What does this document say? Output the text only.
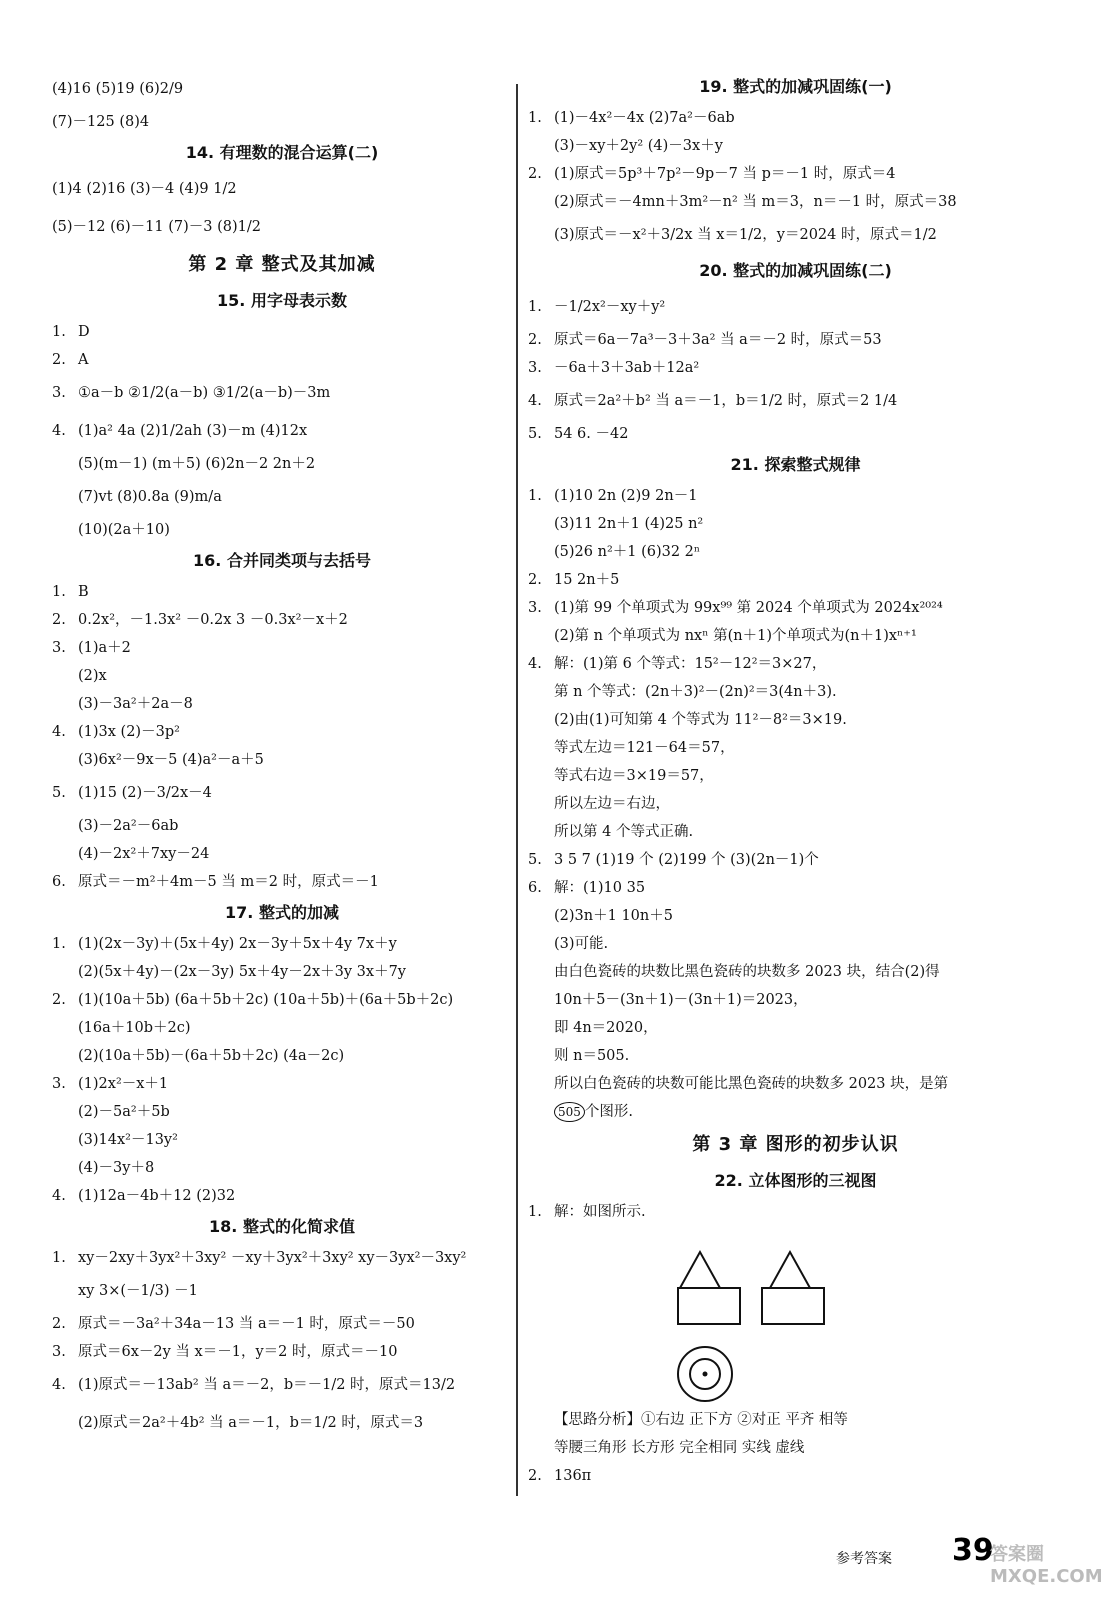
(4)16 (5)19 (6)2/9
(7)－125 (8)4
14. 有理数的混合运算(二)
(1)4 (2)16 (3)－4 (4)9 1/2
(5)－12 (6)－11 (7)－3 (8)1/2
第 2 章 整式及其加减
15. 用字母表示数
1. D
2. A
3. ①a－b ②1/2(a－b) ③1/2(a－b)－3m
4. (1)a² 4a (2)1/2ah (3)－m (4)12x
(5)(m－1) (m＋5) (6)2n－2 2n＋2
(7)vt (8)0.8a (9)m/a
(10)(2a＋10)
16. 合并同类项与去括号
1. B
2. 0.2x²，－1.3x² －0.2x 3 －0.3x²－x＋2
3. (1)a＋2
(2)x
(3)－3a²＋2a－8
4. (1)3x (2)－3p²
(3)6x²－9x－5 (4)a²－a＋5
5. (1)15 (2)－3/2x－4
(3)－2a²－6ab
(4)－2x²＋7xy－24
6. 原式＝－m²＋4m－5 当 m＝2 时，原式＝－1
17. 整式的加减
1. (1)(2x－3y)＋(5x＋4y) 2x－3y＋5x＋4y 7x＋y
(2)(5x＋4y)－(2x－3y) 5x＋4y－2x＋3y 3x＋7y
2. (1)(10a＋5b) (6a＋5b＋2c) (10a＋5b)＋(6a＋5b＋2c)
(16a＋10b＋2c)
(2)(10a＋5b)－(6a＋5b＋2c) (4a－2c)
3. (1)2x²－x＋1
(2)－5a²＋5b
(3)14x²－13y²
(4)－3y＋8
4. (1)12a－4b＋12 (2)32
18. 整式的化简求值
1. xy－2xy＋3yx²＋3xy² －xy＋3yx²＋3xy² xy－3yx²－3xy²
xy 3×(－1/3) －1
2. 原式＝－3a²＋34a－13 当 a＝－1 时，原式＝－50
3. 原式＝6x－2y 当 x＝－1，y＝2 时，原式＝－10
4. (1)原式＝－13ab² 当 a＝－2，b＝－1/2 时，原式＝13/2
(2)原式＝2a²＋4b² 当 a＝－1，b＝1/2 时，原式＝3
19. 整式的加减巩固练(一)
1. (1)－4x²－4x (2)7a²－6ab
(3)－xy＋2y² (4)－3x＋y
2. (1)原式＝5p³＋7p²－9p－7 当 p＝－1 时，原式＝4
(2)原式＝－4mn＋3m²－n² 当 m＝3，n＝－1 时，原式＝38
(3)原式＝－x²＋3/2x 当 x＝1/2，y＝2024 时，原式＝1/2
20. 整式的加减巩固练(二)
1. －1/2x²－xy＋y²
2. 原式＝6a－7a³－3＋3a² 当 a＝－2 时，原式＝53
3. －6a＋3＋3ab＋12a²
4. 原式＝2a²＋b² 当 a＝－1，b＝1/2 时，原式＝2 1/4
5. 54 6. －42
21. 探索整式规律
1. (1)10 2n (2)9 2n－1
(3)11 2n＋1 (4)25 n²
(5)26 n²＋1 (6)32 2ⁿ
2. 15 2n＋5
3. (1)第 99 个单项式为 99x⁹⁹ 第 2024 个单项式为 2024x²⁰²⁴
(2)第 n 个单项式为 nxⁿ 第(n＋1)个单项式为(n＋1)xⁿ⁺¹
4. 解：(1)第 6 个等式：15²－12²＝3×27，
第 n 个等式：(2n＋3)²－(2n)²＝3(4n＋3).
(2)由(1)可知第 4 个等式为 11²－8²＝3×19.
等式左边＝121－64＝57，
等式右边＝3×19＝57，
所以左边＝右边，
所以第 4 个等式正确.
5. 3 5 7 (1)19 个 (2)199 个 (3)(2n－1)个
6. 解：(1)10 35
(2)3n＋1 10n＋5
(3)可能.
由白色瓷砖的块数比黑色瓷砖的块数多 2023 块，结合(2)得
10n＋5－(3n＋1)－(3n＋1)＝2023，
即 4n＝2020，
则 n＝505.
所以白色瓷砖的块数可能比黑色瓷砖的块数多 2023 块，是第
505 个图形.
第 3 章 图形的初步认识
22. 立体图形的三视图
1. 解：如图所示.
【思路分析】①右边 正下方 ②对正 平齐 相等
等腰三角形 长方形 完全相同 实线 虚线
2. 136π
参考答案 39
答案圈 MXQE.COM
